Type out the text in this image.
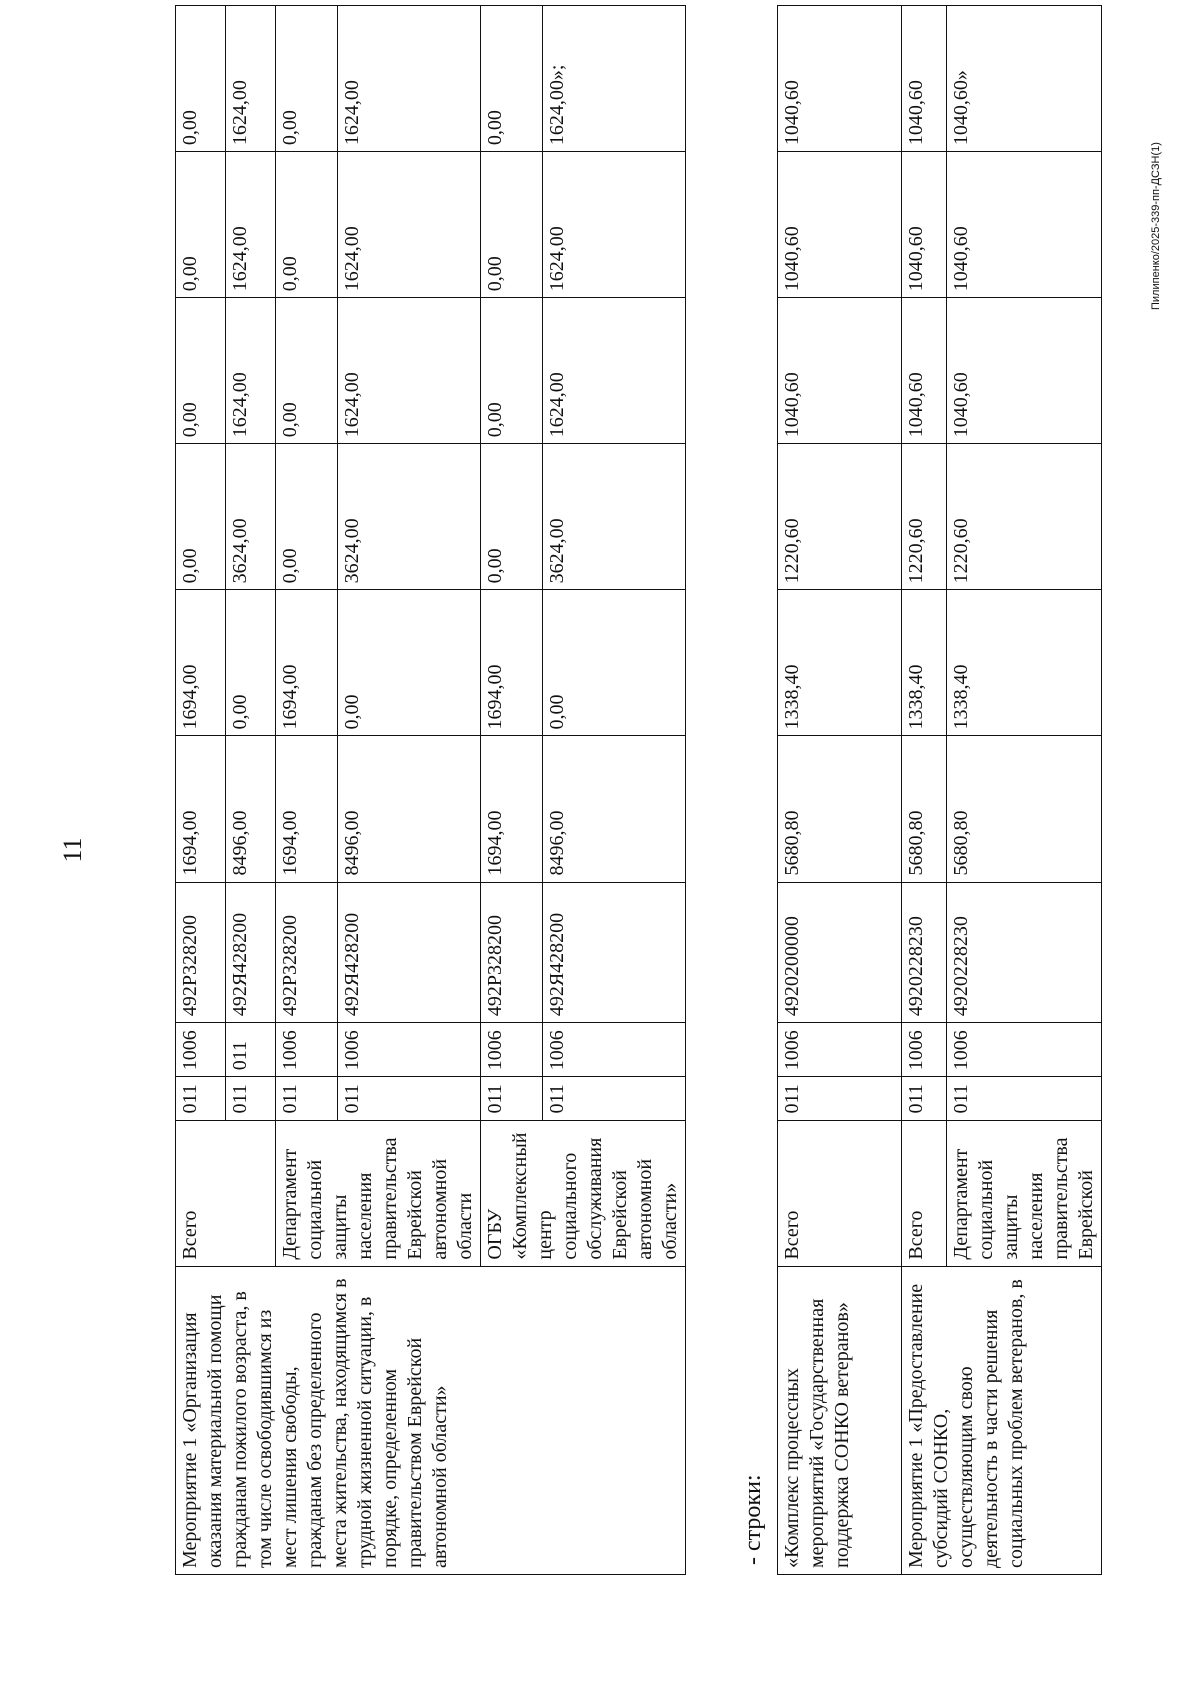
11
Мероприятие 1 «Организация оказания материальной помощи гражданам пожилого возраста, в том числе освободившимся из мест лишения свободы, гражданам без определенного места жительства, находящимся в трудной жизненной ситуации, в порядке, определенном правительством Еврейской автономной области»	Всего	011	1006	492Р328200	1694,00	1694,00	0,00	0,00	0,00	0,00
		011	011	492Я428200	8496,00	0,00	3624,00	1624,00	1624,00	1624,00
	Департамент социальной защиты населения правительства Еврейской автономной области	011	1006	492Р328200	1694,00	1694,00	0,00	0,00	0,00	0,00
		011	1006	492Я428200	8496,00	0,00	3624,00	1624,00	1624,00	1624,00
	ОГБУ «Комплексный центр социального обслуживания Еврейской автономной области»	011	1006	492Р328200	1694,00	1694,00	0,00	0,00	0,00	0,00
		011	1006	492Я428200	8496,00	0,00	3624,00	1624,00	1624,00	1624,00»;
- строки: «Комплекс процессных мероприятий «Государственная поддержка СОНКО ветеранов»	Всего	011	1006	4920200000	5680,80	1338,40	1220,60	1040,60	1040,60	1040,60
Мероприятие 1 «Предоставление субсидий СОНКО, осуществляющим свою деятельность в части решения социальных проблем ветеранов, в	Всего	011	1006	4920228230	5680,80	1338,40	1220,60	1040,60	1040,60	1040,60
	Департамент социальной защиты населения правительства Еврейской	011	1006	4920228230	5680,80	1338,40	1220,60	1040,60	1040,60	1040,60»
Пилипенко/2025-339-пп-ДСЗН(1)
